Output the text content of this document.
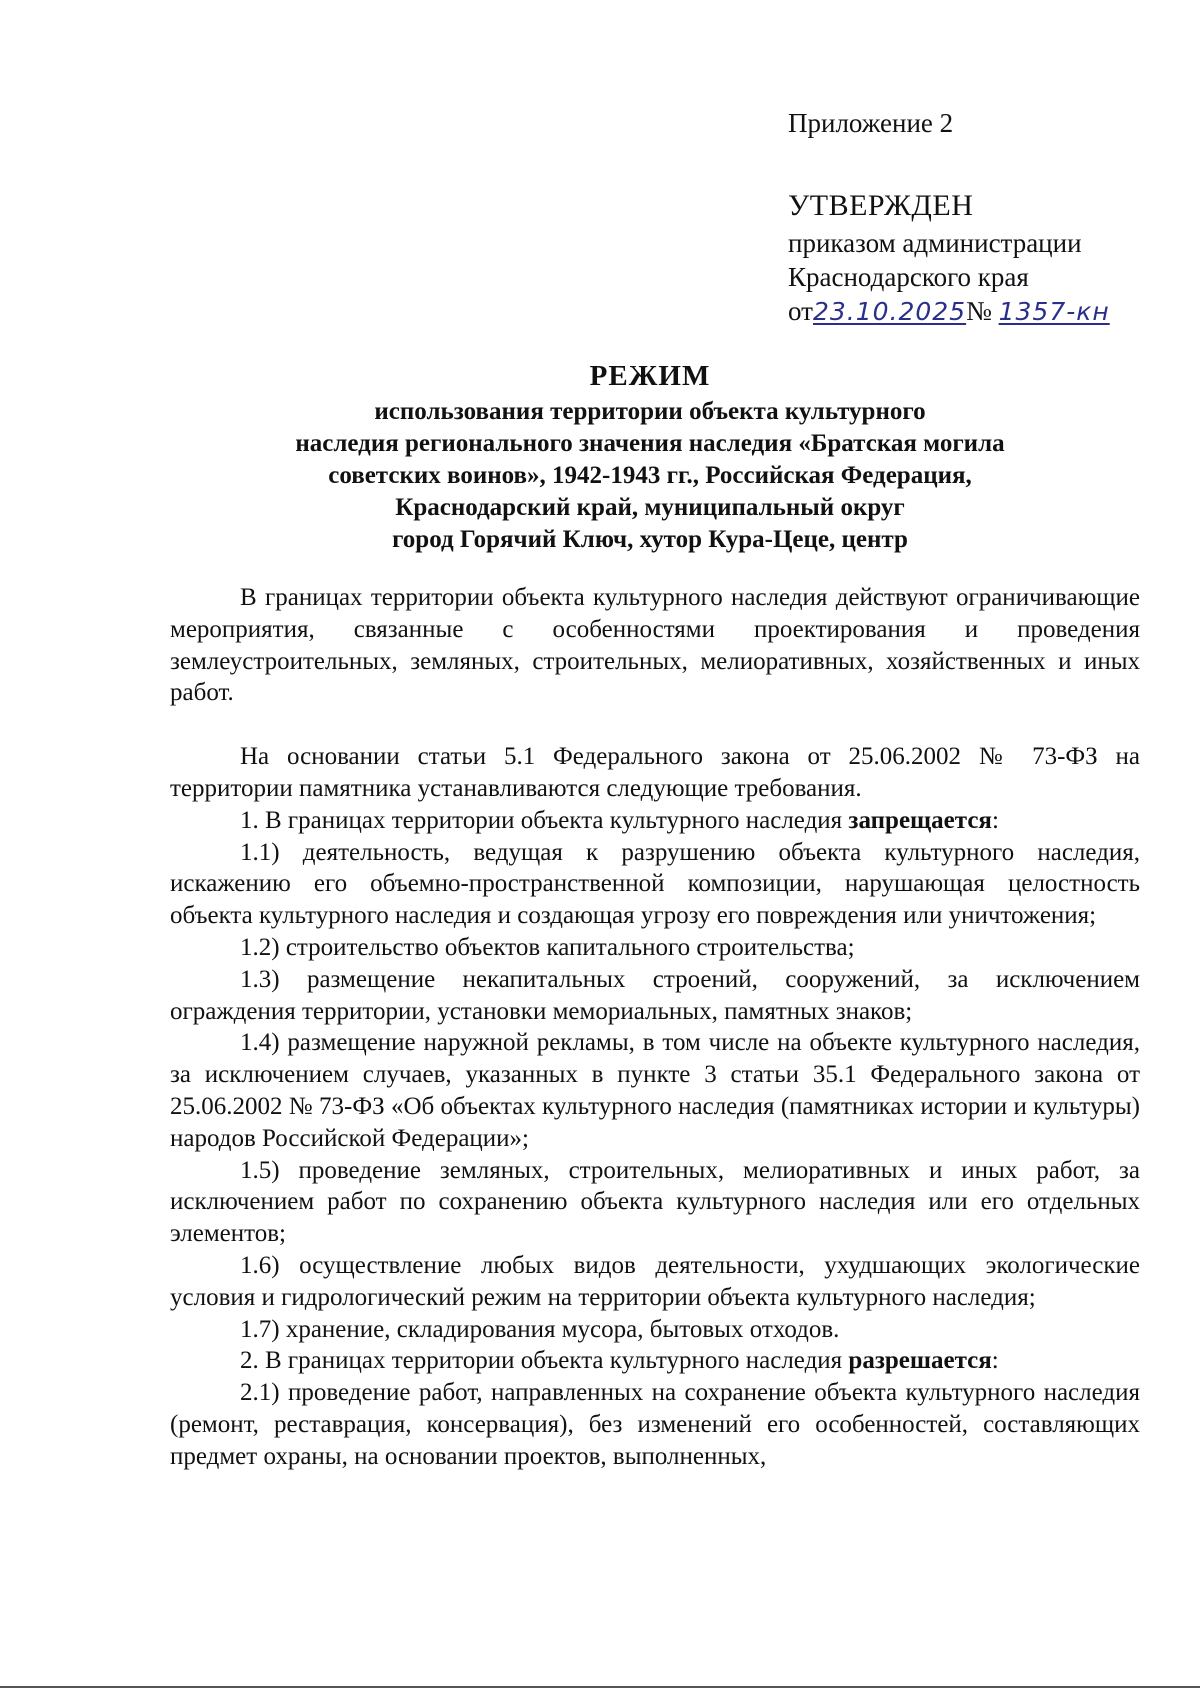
Приложение 2
УТВЕРЖДЕН
приказом администрации
Краснодарского края
от23.10.2025№ 1357-кн
РЕЖИМ
использования территории объекта культурного
наследия регионального значения наследия «Братская могила
советских воинов», 1942-1943 гг., Российская Федерация,
Краснодарский край, муниципальный округ
город Горячий Ключ, хутор Кура-Цеце, центр

В границах территории объекта культурного наследия действуют ограничивающие мероприятия, связанные с особенностями проектирования и проведения землеустроительных, земляных, строительных, мелиоративных, хозяйственных и иных работ.

На основании статьи 5.1 Федерального закона от 25.06.2002 № 73-ФЗ на территории памятника устанавливаются следующие требования.

1. В границах территории объекта культурного наследия запрещается:

1.1) деятельность, ведущая к разрушению объекта культурного наследия, искажению его объемно-пространственной композиции, нарушающая целостность объекта культурного наследия и создающая угрозу его повреждения или уничтожения;

1.2) строительство объектов капитального строительства;

1.3) размещение некапитальных строений, сооружений, за исключением ограждения территории, установки мемориальных, памятных знаков;

1.4) размещение наружной рекламы, в том числе на объекте культурного наследия, за исключением случаев, указанных в пункте 3 статьи 35.1 Федерального закона от 25.06.2002 № 73-ФЗ «Об объектах культурного наследия (памятниках истории и культуры) народов Российской Федерации»;

1.5) проведение земляных, строительных, мелиоративных и иных работ, за исключением работ по сохранению объекта культурного наследия или его отдельных элементов;

1.6) осуществление любых видов деятельности, ухудшающих экологические условия и гидрологический режим на территории объекта культурного наследия;

1.7) хранение, складирования мусора, бытовых отходов.

2. В границах территории объекта культурного наследия разрешается:

2.1) проведение работ, направленных на сохранение объекта культурного наследия (ремонт, реставрация, консервация), без изменений его особенностей, составляющих предмет охраны, на основании проектов, выполненных,
